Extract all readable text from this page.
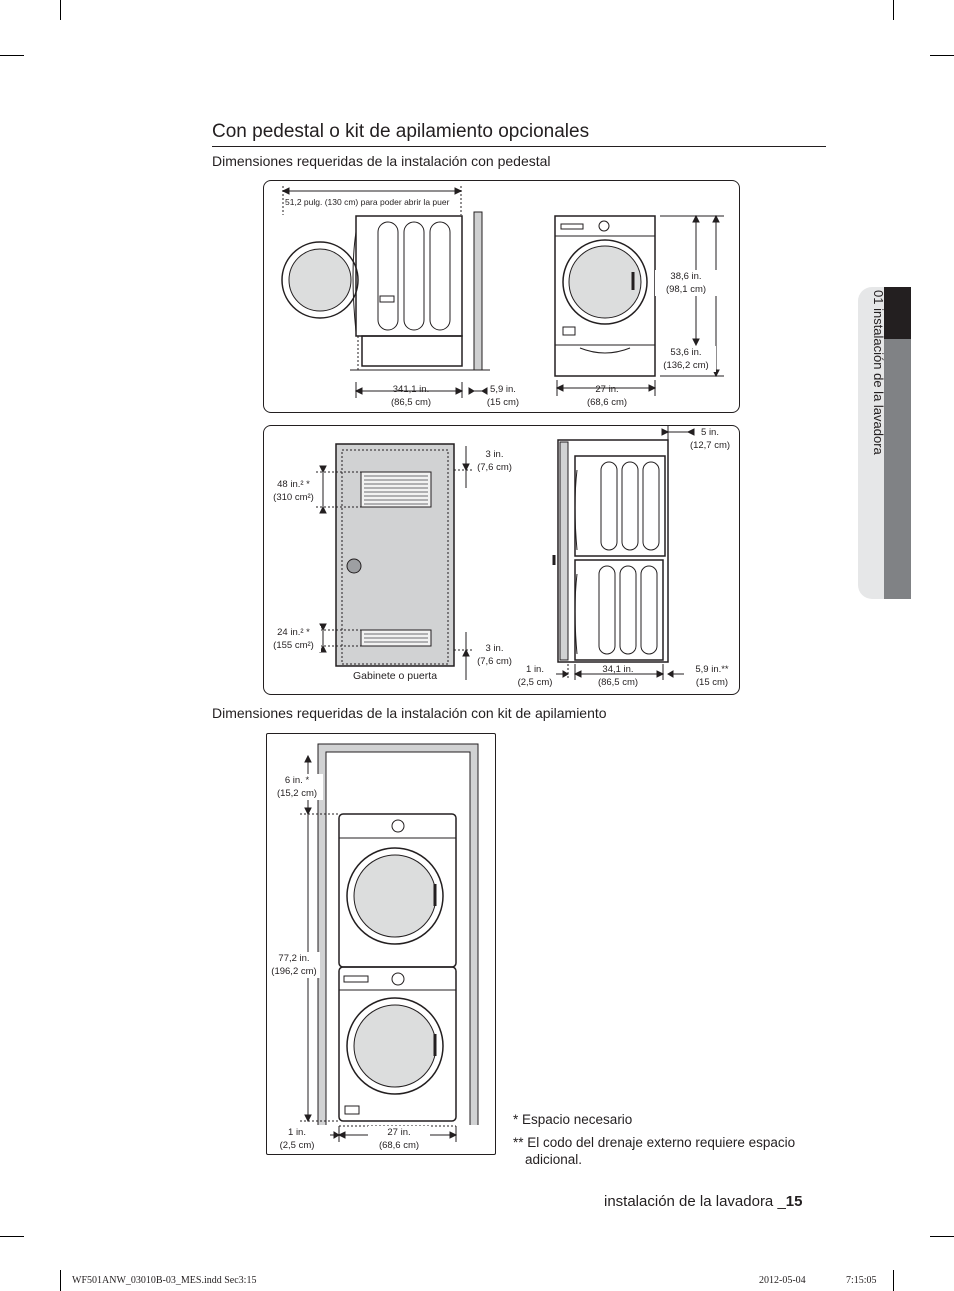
01 instalación de la lavadora
Con pedestal o kit de apilamiento opcionales
Dimensiones requeridas de la instalación con pedestal
51,2 pulg. (130 cm) para poder abrir la puer
341,1 in.
(86,5 cm)
5,9 in.
(15 cm)
27 in.
(68,6 cm)
38,6 in.
(98,1 cm)
53,6 in.
(136,2 cm)
48 in.² *
(310 cm²)
24 in.² *
(155 cm²)
3 in.
(7,6 cm)
3 in.
(7,6 cm)
Gabinete o puerta
5 in.
(12,7 cm)
1 in.
(2,5 cm)
34,1 in.
(86,5 cm)
5,9 in.**
(15 cm)
Dimensiones requeridas de la instalación con kit de apilamiento
6 in. *
(15,2 cm)
77,2 in.
(196,2 cm)
1 in.
(2,5 cm)
27 in.
(68,6 cm)

* Espacio necesario

** El codo del drenaje externo requiere espacio adicional.

instalación de la lavadora _15
WF501ANW_03010B-03_MES.indd Sec3:15	2012-05-04	7:15:05
